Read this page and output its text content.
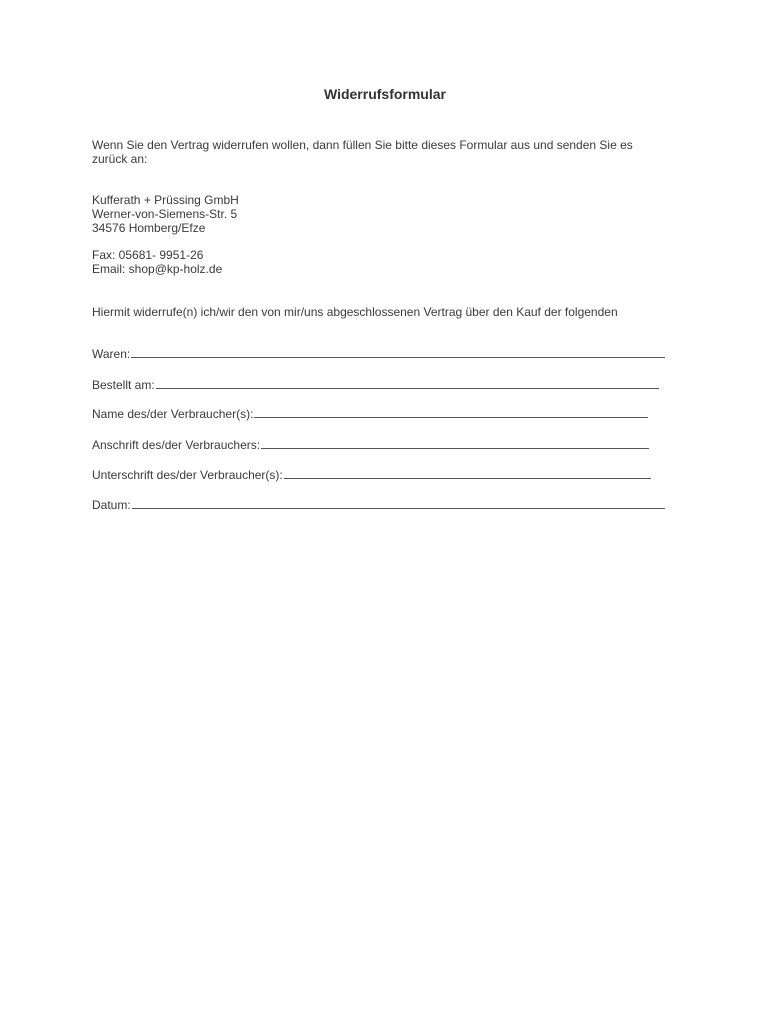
Widerrufsformular
Wenn Sie den Vertrag widerrufen wollen, dann füllen Sie bitte dieses Formular aus und senden Sie es
zurück an:
Kufferath + Prüssing GmbH
Werner-von-Siemens-Str. 5
34576 Homberg/Efze
Fax: 05681- 9951-26
Email: shop@kp-holz.de
Hiermit widerrufe(n) ich/wir den von mir/uns abgeschlossenen Vertrag über den Kauf der folgenden
Waren:
Bestellt am:
Name des/der Verbraucher(s):
Anschrift des/der Verbrauchers:
Unterschrift des/der Verbraucher(s):
Datum:
